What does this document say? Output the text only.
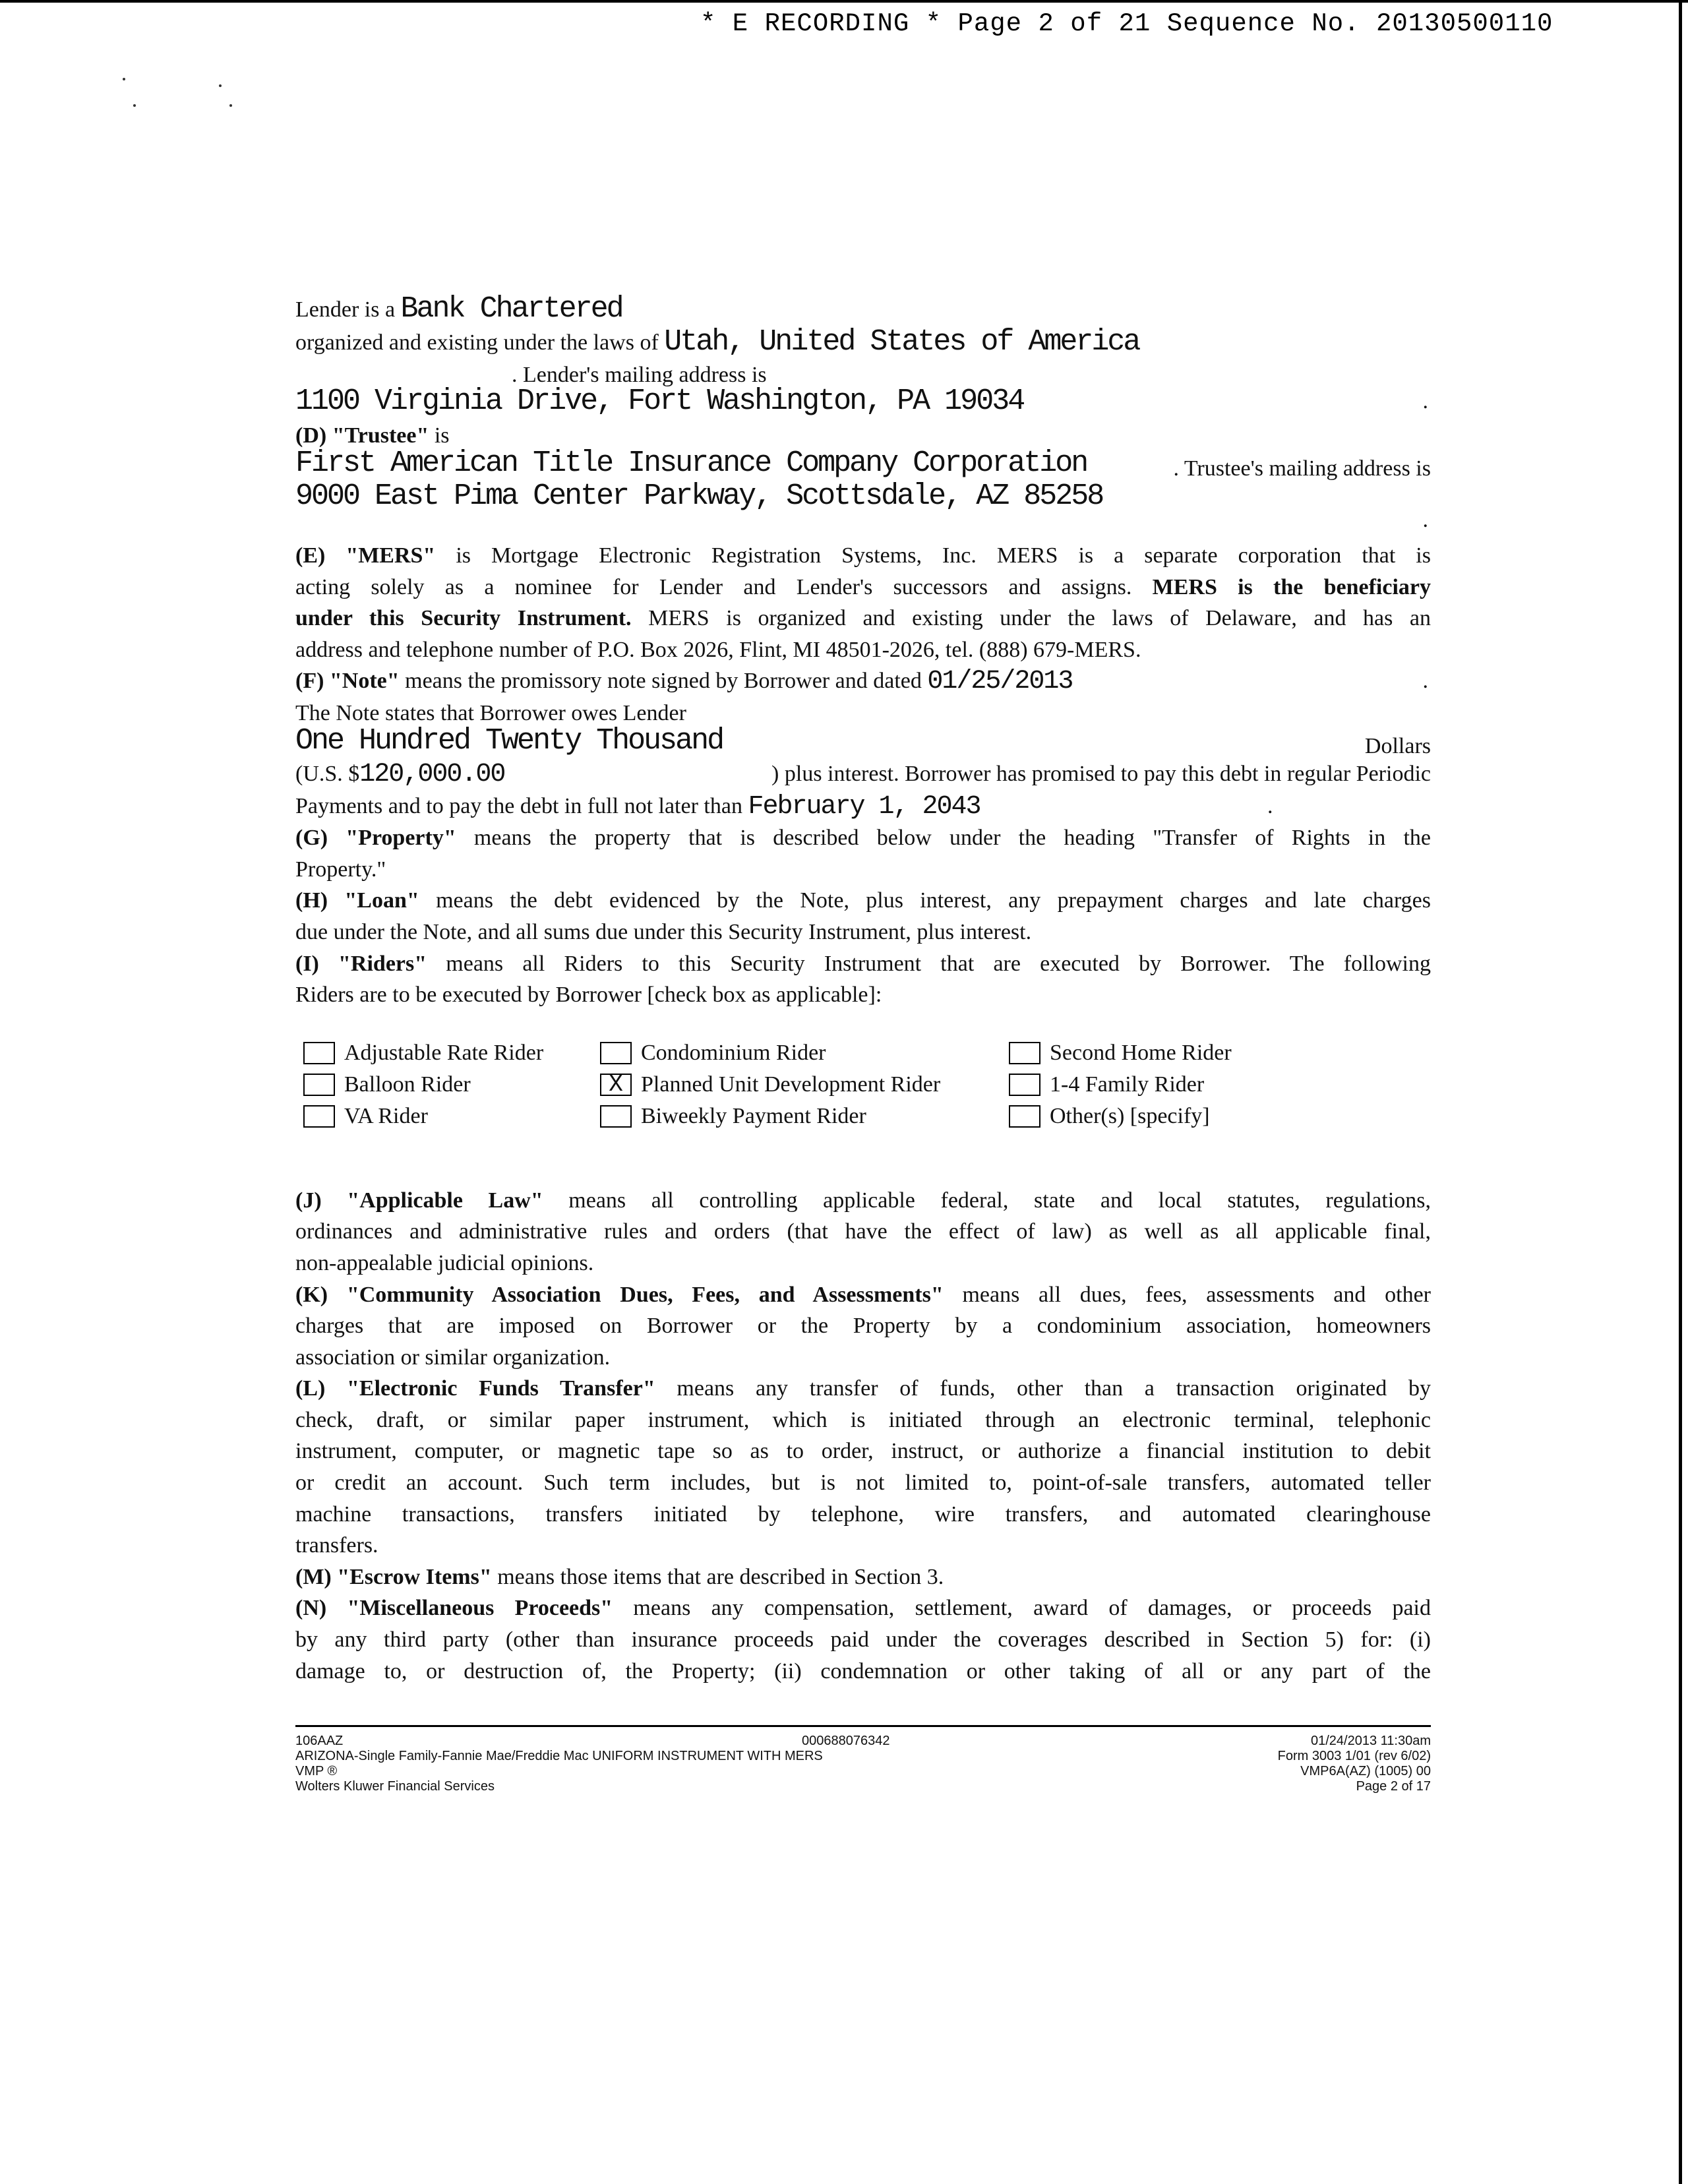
* E RECORDING * Page 2 of 21 Sequence No. 20130500110
Lender is a Bank Chartered
organized and existing under the laws of Utah, United States of America
. Lender's mailing address is
1100 Virginia Drive, Fort Washington, PA 19034	.
(D) "Trustee" is
First American Title Insurance Company Corporation	. Trustee's mailing address is
9000 East Pima Center Parkway, Scottsdale, AZ 85258
.
(E) "MERS" is Mortgage Electronic Registration Systems, Inc. MERS is a separate corporation that is
acting solely as a nominee for Lender and Lender's successors and assigns. MERS is the beneficiary
under this Security Instrument. MERS is organized and existing under the laws of Delaware, and has an
address and telephone number of P.O. Box 2026, Flint, MI 48501-2026, tel. (888) 679-MERS.
(F) "Note" means the promissory note signed by Borrower and dated 01/25/2013	.
The Note states that Borrower owes Lender
One Hundred Twenty Thousand	Dollars
(U.S. $120,000.00	) plus interest. Borrower has promised to pay this debt in regular Periodic
Payments and to pay the debt in full not later than February 1, 2043	.
(G) "Property" means the property that is described below under the heading "Transfer of Rights in the
Property."
(H) "Loan" means the debt evidenced by the Note, plus interest, any prepayment charges and late charges
due under the Note, and all sums due under this Security Instrument, plus interest.
(I) "Riders" means all Riders to this Security Instrument that are executed by Borrower. The following
Riders are to be executed by Borrower [check box as applicable]:
Adjustable Rate Rider	Condominium Rider	Second Home Rider
Balloon Rider	X Planned Unit Development Rider	1-4 Family Rider
VA Rider	Biweekly Payment Rider	Other(s) [specify]
(J) "Applicable Law" means all controlling applicable federal, state and local statutes, regulations,
ordinances and administrative rules and orders (that have the effect of law) as well as all applicable final,
non-appealable judicial opinions.
(K) "Community Association Dues, Fees, and Assessments" means all dues, fees, assessments and other
charges that are imposed on Borrower or the Property by a condominium association, homeowners
association or similar organization.
(L) "Electronic Funds Transfer" means any transfer of funds, other than a transaction originated by
check, draft, or similar paper instrument, which is initiated through an electronic terminal, telephonic
instrument, computer, or magnetic tape so as to order, instruct, or authorize a financial institution to debit
or credit an account. Such term includes, but is not limited to, point-of-sale transfers, automated teller
machine transactions, transfers initiated by telephone, wire transfers, and automated clearinghouse
transfers.
(M) "Escrow Items" means those items that are described in Section 3.
(N) "Miscellaneous Proceeds" means any compensation, settlement, award of damages, or proceeds paid
by any third party (other than insurance proceeds paid under the coverages described in Section 5) for: (i)
damage to, or destruction of, the Property; (ii) condemnation or other taking of all or any part of the
106AAZ	000688076342	01/24/2013 11:30am
ARIZONA-Single Family-Fannie Mae/Freddie Mac UNIFORM INSTRUMENT WITH MERS	Form 3003 1/01 (rev 6/02)
VMP ®	VMP6A(AZ) (1005) 00
Wolters Kluwer Financial Services	Page 2 of 17
